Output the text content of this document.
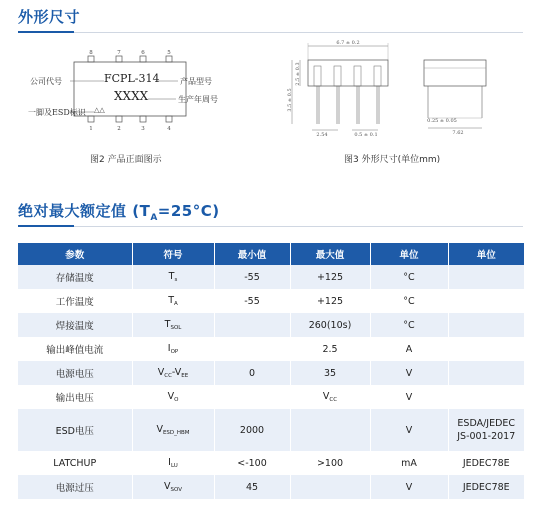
外形尺寸
8	7	6	5
1	2	3	4
FCPL-314
XXXX
△△
公司代号	产品型号
生产年周号
一脚及ESD标识
图2 产品正面图示
6.7 ± 0.2
2.5 ± 0.3
3.5 ± 0.5
2.54	0.5 ± 0.1
0.25 ± 0.05
7.62
图3 外形尺寸(单位mm)
绝对最大额定值 $(T_A=25^\circ C)$
参数	符号	最小值	最大值	单位	单位
存储温度	$T_s$	-55	+125	°C	
工作温度	$T_A$	-55	+125	°C	
焊接温度	$T_{SOL}$		260(10s)	°C	
输出峰值电流	$I_{OP}$		2.5	A	
电源电压	$V_{CC}-V_{EE}$	0	35	V	
输出电压	$V_O$		$V_{CC}$	V	
ESD电压	$V_{ESD\_HBM}$	2000		V	ESDA/JEDEC JS-001-2017
LATCHUP	$I_{LU}$	<-100	>100	mA	JEDEC78E
电源过压	$V_{SOV}$	45		V	JEDEC78E
